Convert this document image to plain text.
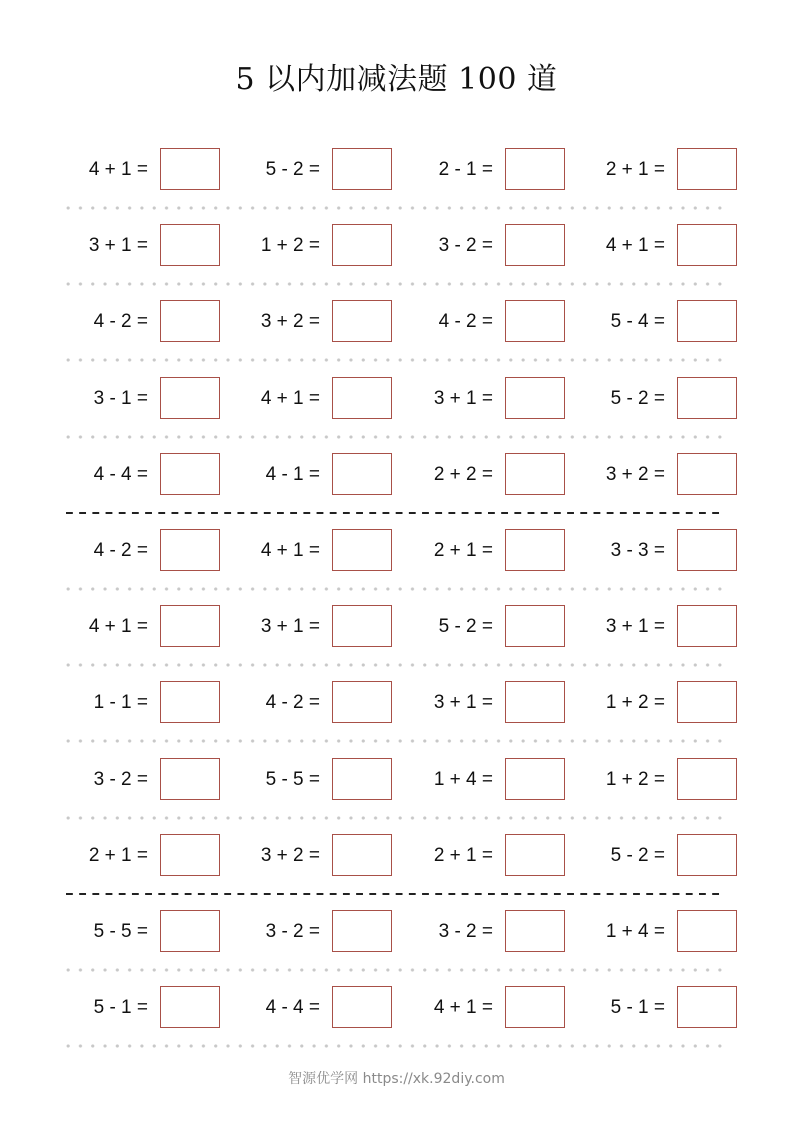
5 以内加减法题 100 道
4 + 1 =	5 - 2 =	2 - 1 =	2 + 1 =
3 + 1 =	1 + 2 =	3 - 2 =	4 + 1 =
4 - 2 =	3 + 2 =	4 - 2 =	5 - 4 =
3 - 1 =	4 + 1 =	3 + 1 =	5 - 2 =
4 - 4 =	4 - 1 =	2 + 2 =	3 + 2 =
4 - 2 =	4 + 1 =	2 + 1 =	3 - 3 =
4 + 1 =	3 + 1 =	5 - 2 =	3 + 1 =
1 - 1 =	4 - 2 =	3 + 1 =	1 + 2 =
3 - 2 =	5 - 5 =	1 + 4 =	1 + 2 =
2 + 1 =	3 + 2 =	2 + 1 =	5 - 2 =
5 - 5 =	3 - 2 =	3 - 2 =	1 + 4 =
5 - 1 =	4 - 4 =	4 + 1 =	5 - 1 =
智源优学网 https://xk.92diy.com
